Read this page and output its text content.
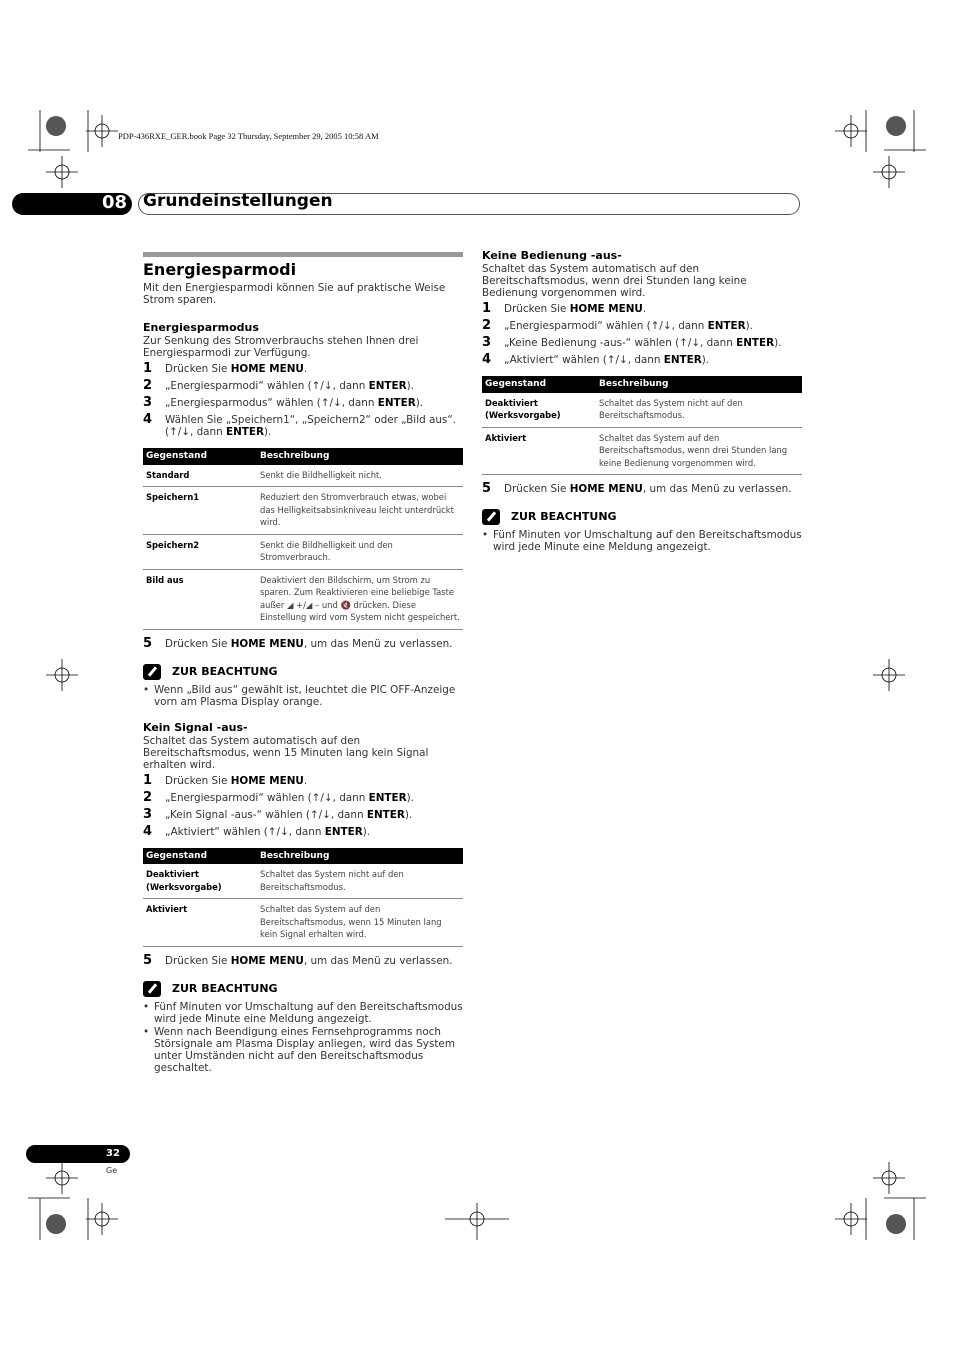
PDP-436RXE_GER.book Page 32 Thursday, September 29, 2005 10:58 AM
08 Grundeinstellungen
Energiesparmodi

Mit den Energiesparmodi können Sie auf praktische Weise Strom sparen.

Energiesparmodus

Zur Senkung des Stromverbrauchs stehen Ihnen drei Energiesparmodi zur Verfügung.

1	Drücken Sie HOME MENU.
2	„Energiesparmodi“ wählen (↑/↓, dann ENTER).
3	„Energiesparmodus“ wählen (↑/↓, dann ENTER).
4	Wählen Sie „Speichern1“, „Speichern2“ oder „Bild aus“. (↑/↓, dann ENTER).
Gegenstand	Beschreibung
Standard	Senkt die Bildhelligkeit nicht.
Speichern1	Reduziert den Stromverbrauch etwas, wobei das Helligkeitsabsinkniveau leicht unterdrückt wird.
Speichern2	Senkt die Bildhelligkeit und den Stromverbrauch.
Bild aus	Deaktiviert den Bildschirm, um Strom zu sparen. Zum Reaktivieren eine beliebige Taste außer ◢ +/◢ – und 🔇 drücken. Diese Einstellung wird vom System nicht gespeichert.
5	Drücken Sie HOME MENU, um das Menü zu verlassen.
ZUR BEACHTUNG
• Wenn „Bild aus“ gewählt ist, leuchtet die PIC OFF-Anzeige vorn am Plasma Display orange.
Kein Signal -aus-

Schaltet das System automatisch auf den Bereitschaftsmodus, wenn 15 Minuten lang kein Signal erhalten wird.

1	Drücken Sie HOME MENU.
2	„Energiesparmodi“ wählen (↑/↓, dann ENTER).
3	„Kein Signal -aus-“ wählen (↑/↓, dann ENTER).
4	„Aktiviert“ wählen (↑/↓, dann ENTER).
Gegenstand	Beschreibung
Deaktiviert (Werksvorgabe)	Schaltet das System nicht auf den Bereitschaftsmodus.
Aktiviert	Schaltet das System auf den Bereitschaftsmodus, wenn 15 Minuten lang kein Signal erhalten wird.
5	Drücken Sie HOME MENU, um das Menü zu verlassen.
ZUR BEACHTUNG
• Fünf Minuten vor Umschaltung auf den Bereitschaftsmodus wird jede Minute eine Meldung angezeigt.
• Wenn nach Beendigung eines Fernsehprogramms noch Störsignale am Plasma Display anliegen, wird das System unter Umständen nicht auf den Bereitschaftsmodus geschaltet.
Keine Bedienung -aus-

Schaltet das System automatisch auf den Bereitschaftsmodus, wenn drei Stunden lang keine Bedienung vorgenommen wird.

1	Drücken Sie HOME MENU.
2	„Energiesparmodi“ wählen (↑/↓, dann ENTER).
3	„Keine Bedienung -aus-“ wählen (↑/↓, dann ENTER).
4	„Aktiviert“ wählen (↑/↓, dann ENTER).
Gegenstand	Beschreibung
Deaktiviert (Werksvorgabe)	Schaltet das System nicht auf den Bereitschaftsmodus.
Aktiviert	Schaltet das System auf den Bereitschaftsmodus, wenn drei Stunden lang keine Bedienung vorgenommen wird.
5	Drücken Sie HOME MENU, um das Menü zu verlassen.
ZUR BEACHTUNG
• Fünf Minuten vor Umschaltung auf den Bereitschaftsmodus wird jede Minute eine Meldung angezeigt.
32
Ge
